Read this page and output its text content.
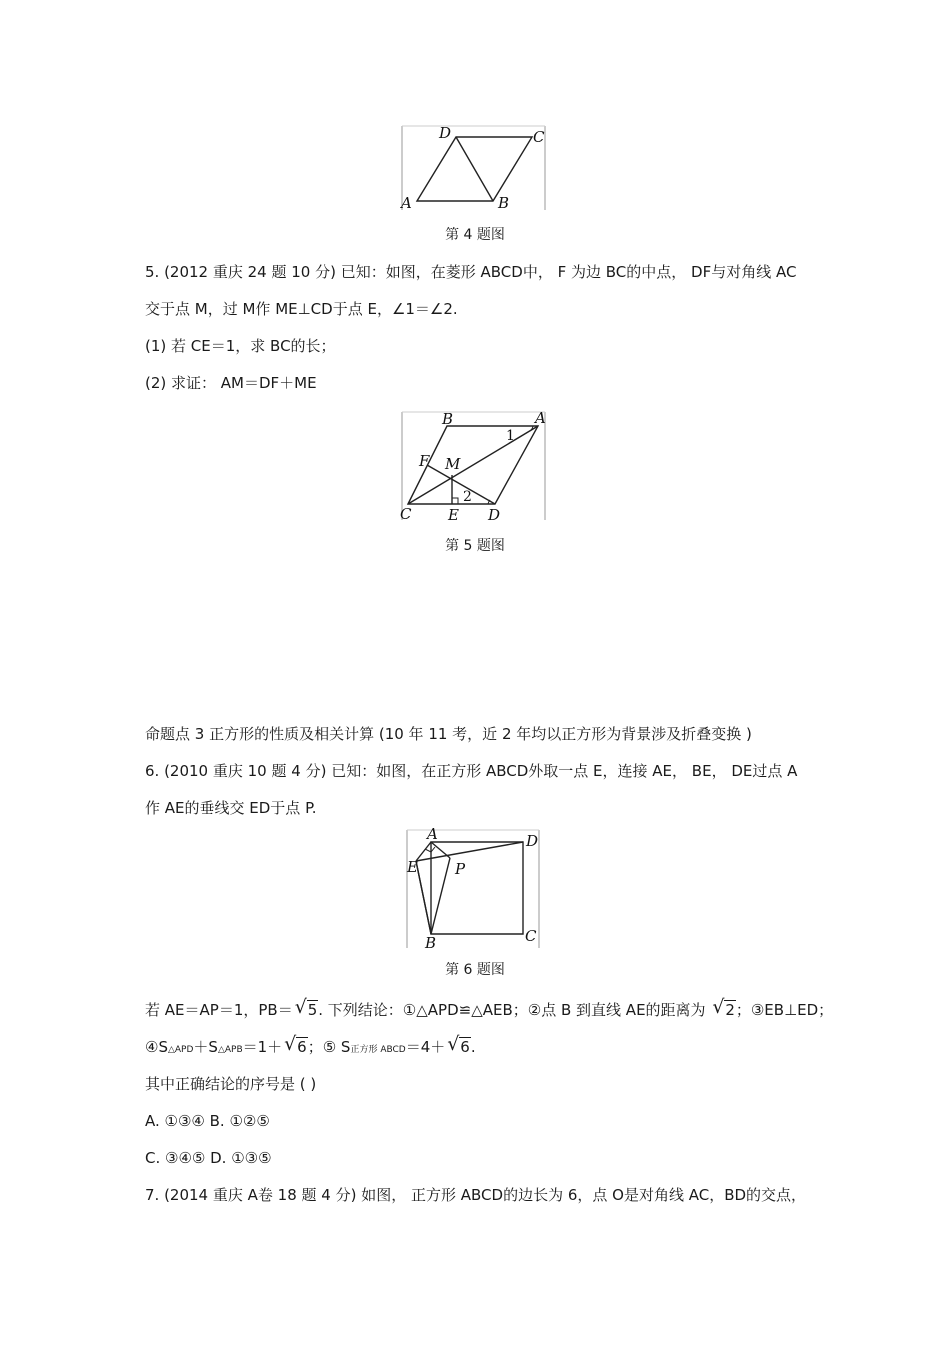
A	B
C
D
第 4 题图
5. (2012 重庆 24 题 10 分) 已知：如图，在菱形 ABCD中， F 为边 BC的中点， DF与对角线 AC
交于点 M，过 M作 ME⊥CD于点 E，∠1＝∠2.
(1) 若 CE＝1，求 BC的长；
(2) 求证： AM＝DF＋ME
B	A
F M
C E D
1
2
第 5 题图
命题点 3 正方形的性质及相关计算 (10 年 11 考，近 2 年均以正方形为背景涉及折叠变换 )
6. (2010 重庆 10 题 4 分) 已知：如图，在正方形 ABCD外取一点 E，连接 AE， BE， DE过点 A
作 AE的垂线交 ED于点 P.
A	D
E P
B	C
第 6 题图
若 AE＝AP＝1，PB＝ √ 5. 下列结论：①△APD≌△AEB；②点 B 到直线 AE的距离为 √ 2；③EB⊥ED；
④S△APD＋S△APB＝1＋ √ 6；⑤ S正方形 ABCD＝4＋ √ 6.
其中正确结论的序号是 ( )
A. ①③④ B. ①②⑤
C. ③④⑤ D. ①③⑤
7. (2014 重庆 A卷 18 题 4 分) 如图， 正方形 ABCD的边长为 6，点 O是对角线 AC，BD的交点，
